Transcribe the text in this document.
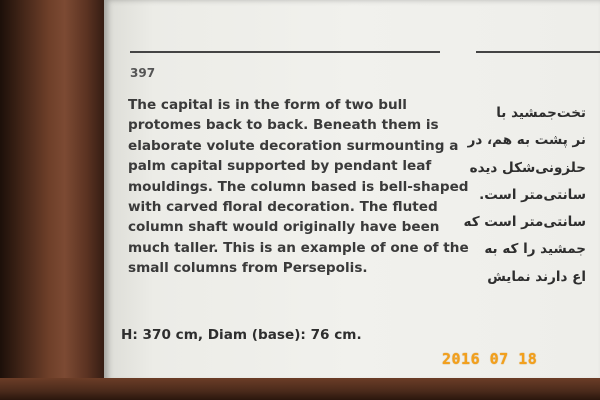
397

The capital is in the form of two bull
protomes back to back. Beneath them is
elaborate volute decoration surmounting a
palm capital supported by pendant leaf
mouldings. The column based is bell-shaped
with carved floral decoration. The fluted
column shaft would originally have been
much taller. This is an example of one of the
small columns from Persepolis.

H: 370 cm, Diam (base): 76 cm.
تخت‌جمشید با
نر پشت به هم، در
حلزونی‌شکل دیده
سانتی‌متر است.
سانتی‌متر است که
جمشید را که به
اع دارند نمایش
2016 07 18
